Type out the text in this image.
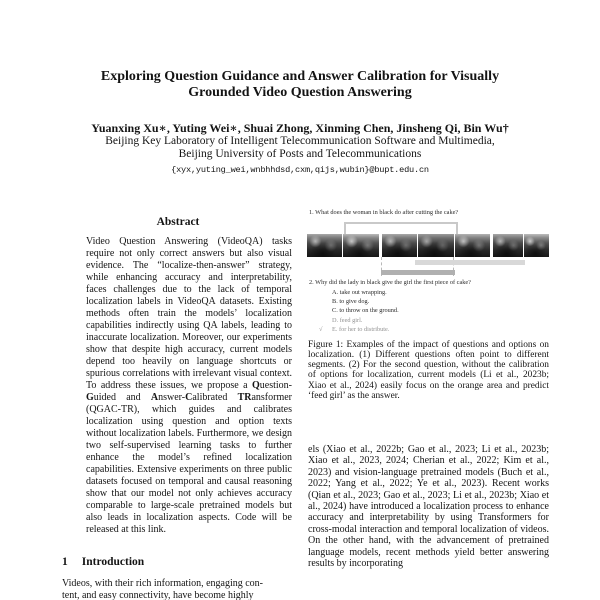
Exploring Question Guidance and Answer Calibration for Visually
Grounded Video Question Answering
Yuanxing Xu∗, Yuting Wei∗, Shuai Zhong, Xinming Chen, Jinsheng Qi, Bin Wu†
Beijing Key Laboratory of Intelligent Telecommunication Software and Multimedia,
Beijing University of Posts and Telecommunications
{xyx,yuting_wei,wnbhhdsd,cxm,qijs,wubin}@bupt.edu.cn
Abstract
Video Question Answering (VideoQA) tasks require not only correct answers but also visual evidence. The “localize-then-answer” strategy, while enhancing accuracy and interpretability, faces challenges due to the lack of temporal localization labels in VideoQA datasets. Existing methods often train the models’ localization capabilities indirectly using QA labels, leading to inaccurate localization. Moreover, our experiments show that despite high accuracy, current models depend too heavily on language shortcuts or spurious correlations with irrelevant visual context. To address these issues, we propose a Question-Guided and Answer-Calibrated TRansformer (QGAC-TR), which guides and calibrates localization using question and option texts without localization labels. Furthermore, we design two self-supervised learning tasks to further enhance the model’s refined localization capabilities. Extensive experiments on three public datasets focused on temporal and causal reasoning show that our model not only achieves accuracy comparable to large-scale pretrained models but also leads in localization aspects. Code will be released at this link.
1 Introduction
Videos, with their rich information, engaging con-
tent, and easy connectivity, have become highly
1. What does the woman in black do after cutting the cake?
2. Why did the lady in black give the girl the first piece of cake?
A. take out wrapping.
B. to give dog.
C. to throw on the ground.
D. feed girl.
√ E. for her to distribute.
Figure 1: Examples of the impact of questions and options on localization. (1) Different questions often point to different segments. (2) For the second question, without the calibration of options for localization, current models (Li et al., 2023b; Xiao et al., 2024) easily focus on the orange area and predict ‘feed girl’ as the answer.
els (Xiao et al., 2022b; Gao et al., 2023; Li et al., 2023b; Xiao et al., 2023, 2024; Cherian et al., 2022; Kim et al., 2023) and vision-language pretrained models (Buch et al., 2022; Yang et al., 2022; Ye et al., 2023). Recent works (Qian et al., 2023; Gao et al., 2023; Li et al., 2023b; Xiao et al., 2024) have introduced a localization process to enhance accuracy and interpretability by using Transformers for cross-modal interaction and temporal localization of videos. On the other hand, with the advancement of pretrained language models, recent methods yield better answering results by incorporating
